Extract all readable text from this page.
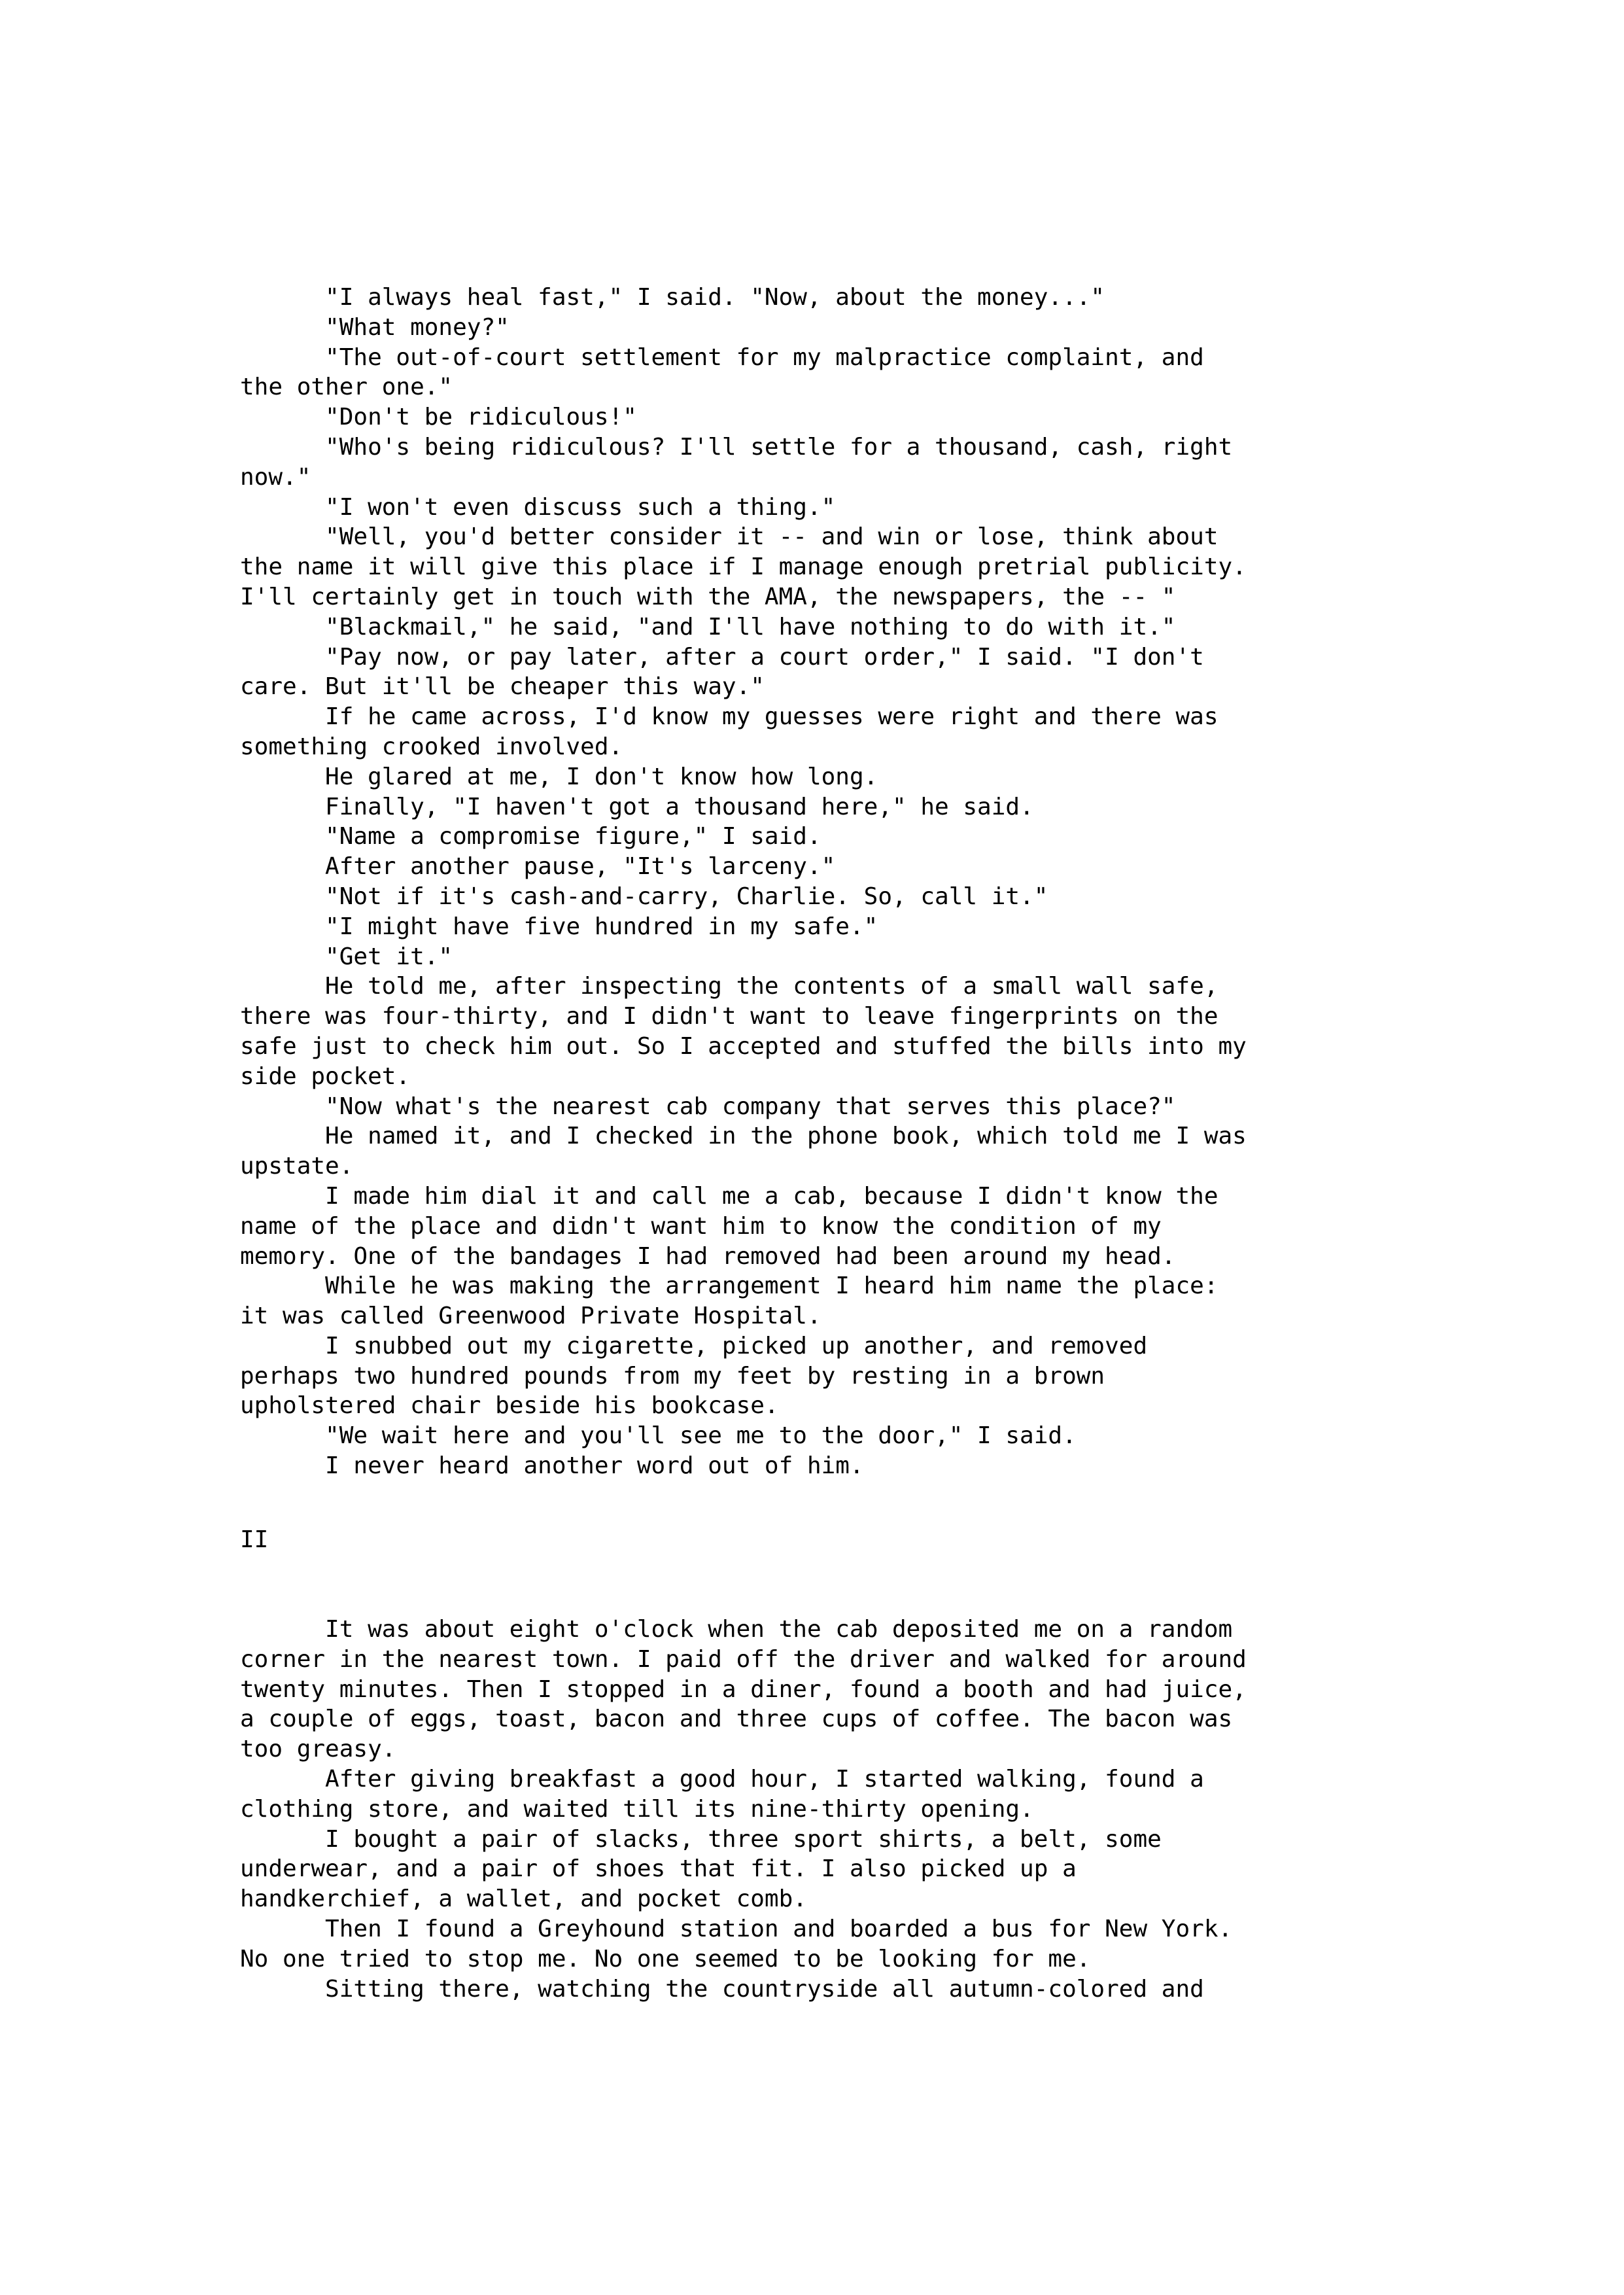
"I always heal fast," I said. "Now, about the money..."
"What money?"
"The out-of-court settlement for my malpractice complaint, and
the other one."
"Don't be ridiculous!"
"Who's being ridiculous? I'll settle for a thousand, cash, right
now."
"I won't even discuss such a thing."
"Well, you'd better consider it -- and win or lose, think about
the name it will give this place if I manage enough pretrial publicity.
I'll certainly get in touch with the AMA, the newspapers, the -- "
"Blackmail," he said, "and I'll have nothing to do with it."
"Pay now, or pay later, after a court order," I said. "I don't
care. But it'll be cheaper this way."
If he came across, I'd know my guesses were right and there was
something crooked involved.
He glared at me, I don't know how long.
Finally, "I haven't got a thousand here," he said.
"Name a compromise figure," I said.
After another pause, "It's larceny."
"Not if it's cash-and-carry, Charlie. So, call it."
"I might have five hundred in my safe."
"Get it."
He told me, after inspecting the contents of a small wall safe,
there was four-thirty, and I didn't want to leave fingerprints on the
safe just to check him out. So I accepted and stuffed the bills into my
side pocket.
"Now what's the nearest cab company that serves this place?"
He named it, and I checked in the phone book, which told me I was
upstate.
I made him dial it and call me a cab, because I didn't know the
name of the place and didn't want him to know the condition of my
memory. One of the bandages I had removed had been around my head.
While he was making the arrangement I heard him name the place:
it was called Greenwood Private Hospital.
I snubbed out my cigarette, picked up another, and removed
perhaps two hundred pounds from my feet by resting in a brown
upholstered chair beside his bookcase.
"We wait here and you'll see me to the door," I said.
I never heard another word out of him.
II
It was about eight o'clock when the cab deposited me on a random
corner in the nearest town. I paid off the driver and walked for around
twenty minutes. Then I stopped in a diner, found a booth and had juice,
a couple of eggs, toast, bacon and three cups of coffee. The bacon was
too greasy.
After giving breakfast a good hour, I started walking, found a
clothing store, and waited till its nine-thirty opening.
I bought a pair of slacks, three sport shirts, a belt, some
underwear, and a pair of shoes that fit. I also picked up a
handkerchief, a wallet, and pocket comb.
Then I found a Greyhound station and boarded a bus for New York.
No one tried to stop me. No one seemed to be looking for me.
Sitting there, watching the countryside all autumn-colored and
